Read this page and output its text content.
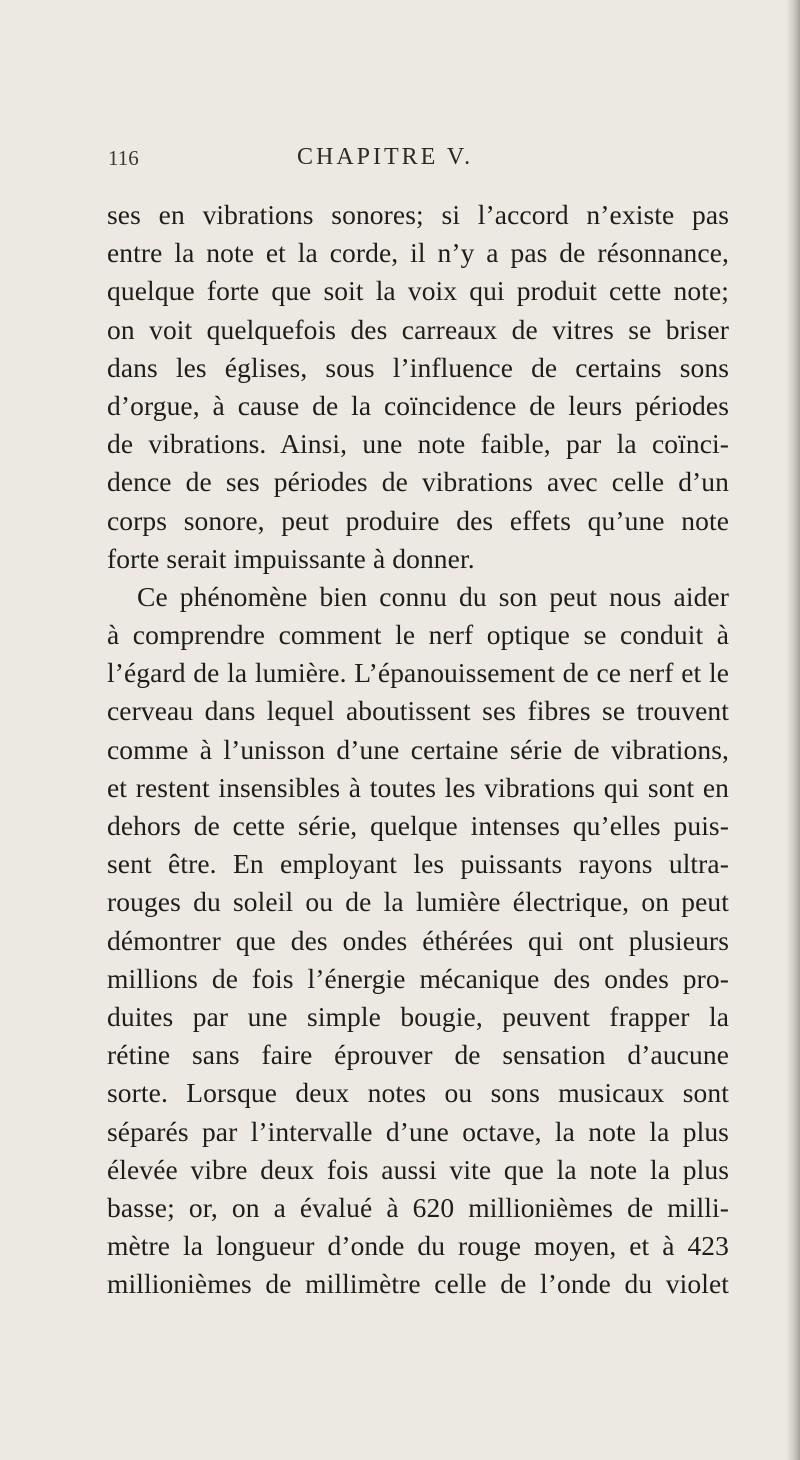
116	CHAPITRE V.
ses en vibrations sonores; si l’accord n’existe pas
entre la note et la corde, il n’y a pas de résonnance,
quelque forte que soit la voix qui produit cette note;
on voit quelquefois des carreaux de vitres se briser
dans les églises, sous l’influence de certains sons
d’orgue, à cause de la coïncidence de leurs périodes
de vibrations. Ainsi, une note faible, par la coïnci-
dence de ses périodes de vibrations avec celle d’un
corps sonore, peut produire des effets qu’une note
forte serait impuissante à donner.
Ce phénomène bien connu du son peut nous aider
à comprendre comment le nerf optique se conduit à
l’égard de la lumière. L’épanouissement de ce nerf et le
cerveau dans lequel aboutissent ses fibres se trouvent
comme à l’unisson d’une certaine série de vibrations,
et restent insensibles à toutes les vibrations qui sont en
dehors de cette série, quelque intenses qu’elles puis-
sent être. En employant les puissants rayons ultra-
rouges du soleil ou de la lumière électrique, on peut
démontrer que des ondes éthérées qui ont plusieurs
millions de fois l’énergie mécanique des ondes pro-
duites par une simple bougie, peuvent frapper la
rétine sans faire éprouver de sensation d’aucune
sorte. Lorsque deux notes ou sons musicaux sont
séparés par l’intervalle d’une octave, la note la plus
élevée vibre deux fois aussi vite que la note la plus
basse; or, on a évalué à 620 millionièmes de milli-
mètre la longueur d’onde du rouge moyen, et à 423
millionièmes de millimètre celle de l’onde du violet
